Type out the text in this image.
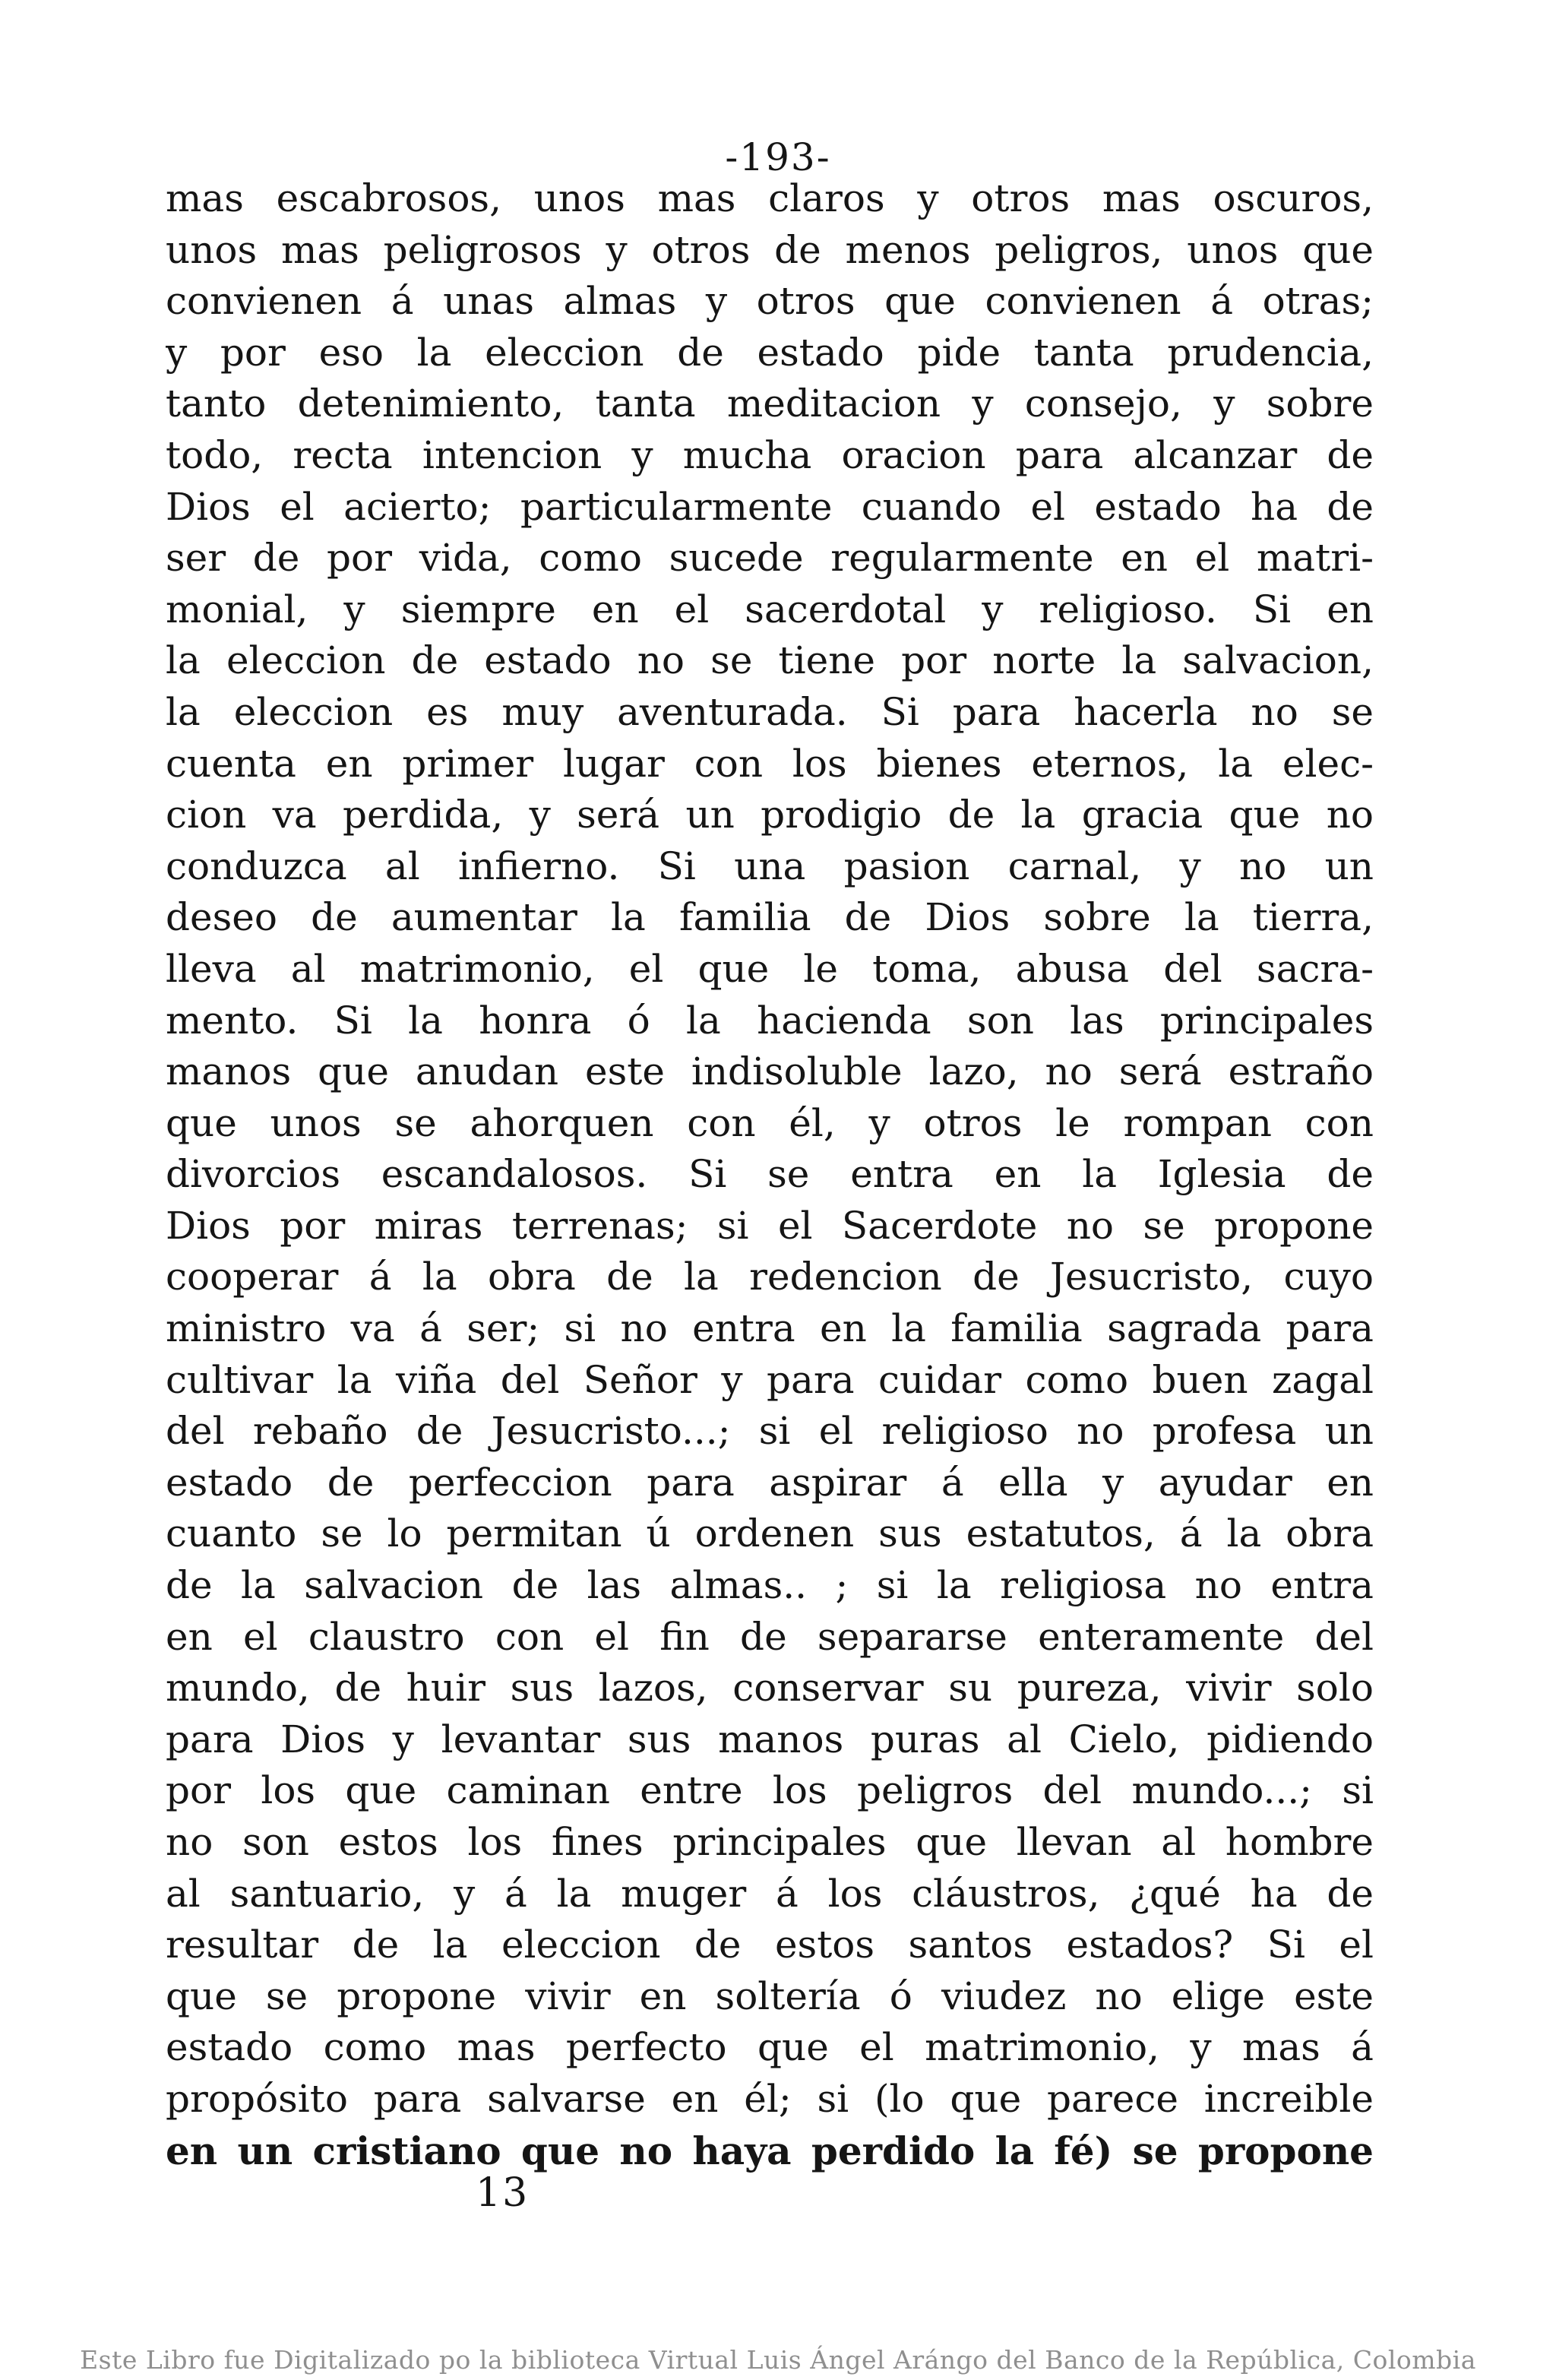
-193-
mas escabrosos, unos mas claros y otros mas oscuros,
unos mas peligrosos y otros de menos peligros, unos que
convienen á unas almas y otros que convienen á otras;
y por eso la eleccion de estado pide tanta prudencia,
tanto detenimiento, tanta meditacion y consejo, y sobre
todo, recta intencion y mucha oracion para alcanzar de
Dios el acierto; particularmente cuando el estado ha de
ser de por vida, como sucede regularmente en el matri-
monial, y siempre en el sacerdotal y religioso. Si en
la eleccion de estado no se tiene por norte la salvacion,
la eleccion es muy aventurada. Si para hacerla no se
cuenta en primer lugar con los bienes eternos, la elec-
cion va perdida, y será un prodigio de la gracia que no
conduzca al infierno. Si una pasion carnal, y no un
deseo de aumentar la familia de Dios sobre la tierra,
lleva al matrimonio, el que le toma, abusa del sacra-
mento. Si la honra ó la hacienda son las principales
manos que anudan este indisoluble lazo, no será estraño
que unos se ahorquen con él, y otros le rompan con
divorcios escandalosos. Si se entra en la Iglesia de
Dios por miras terrenas; si el Sacerdote no se propone
cooperar á la obra de la redencion de Jesucristo, cuyo
ministro va á ser; si no entra en la familia sagrada para
cultivar la viña del Señor y para cuidar como buen zagal
del rebaño de Jesucristo...; si el religioso no profesa un
estado de perfeccion para aspirar á ella y ayudar en
cuanto se lo permitan ú ordenen sus estatutos, á la obra
de la salvacion de las almas.. ; si la religiosa no entra
en el claustro con el fin de separarse enteramente del
mundo, de huir sus lazos, conservar su pureza, vivir solo
para Dios y levantar sus manos puras al Cielo, pidiendo
por los que caminan entre los peligros del mundo...; si
no son estos los fines principales que llevan al hombre
al santuario, y á la muger á los cláustros, ¿qué ha de
resultar de la eleccion de estos santos estados? Si el
que se propone vivir en soltería ó viudez no elige este
estado como mas perfecto que el matrimonio, y mas á
propósito para salvarse en él; si (lo que parece increible
en un cristiano que no haya perdido la fé) se propone
13
Este Libro fue Digitalizado po la biblioteca Virtual Luis Ángel Arángo del Banco de la República, Colombia
